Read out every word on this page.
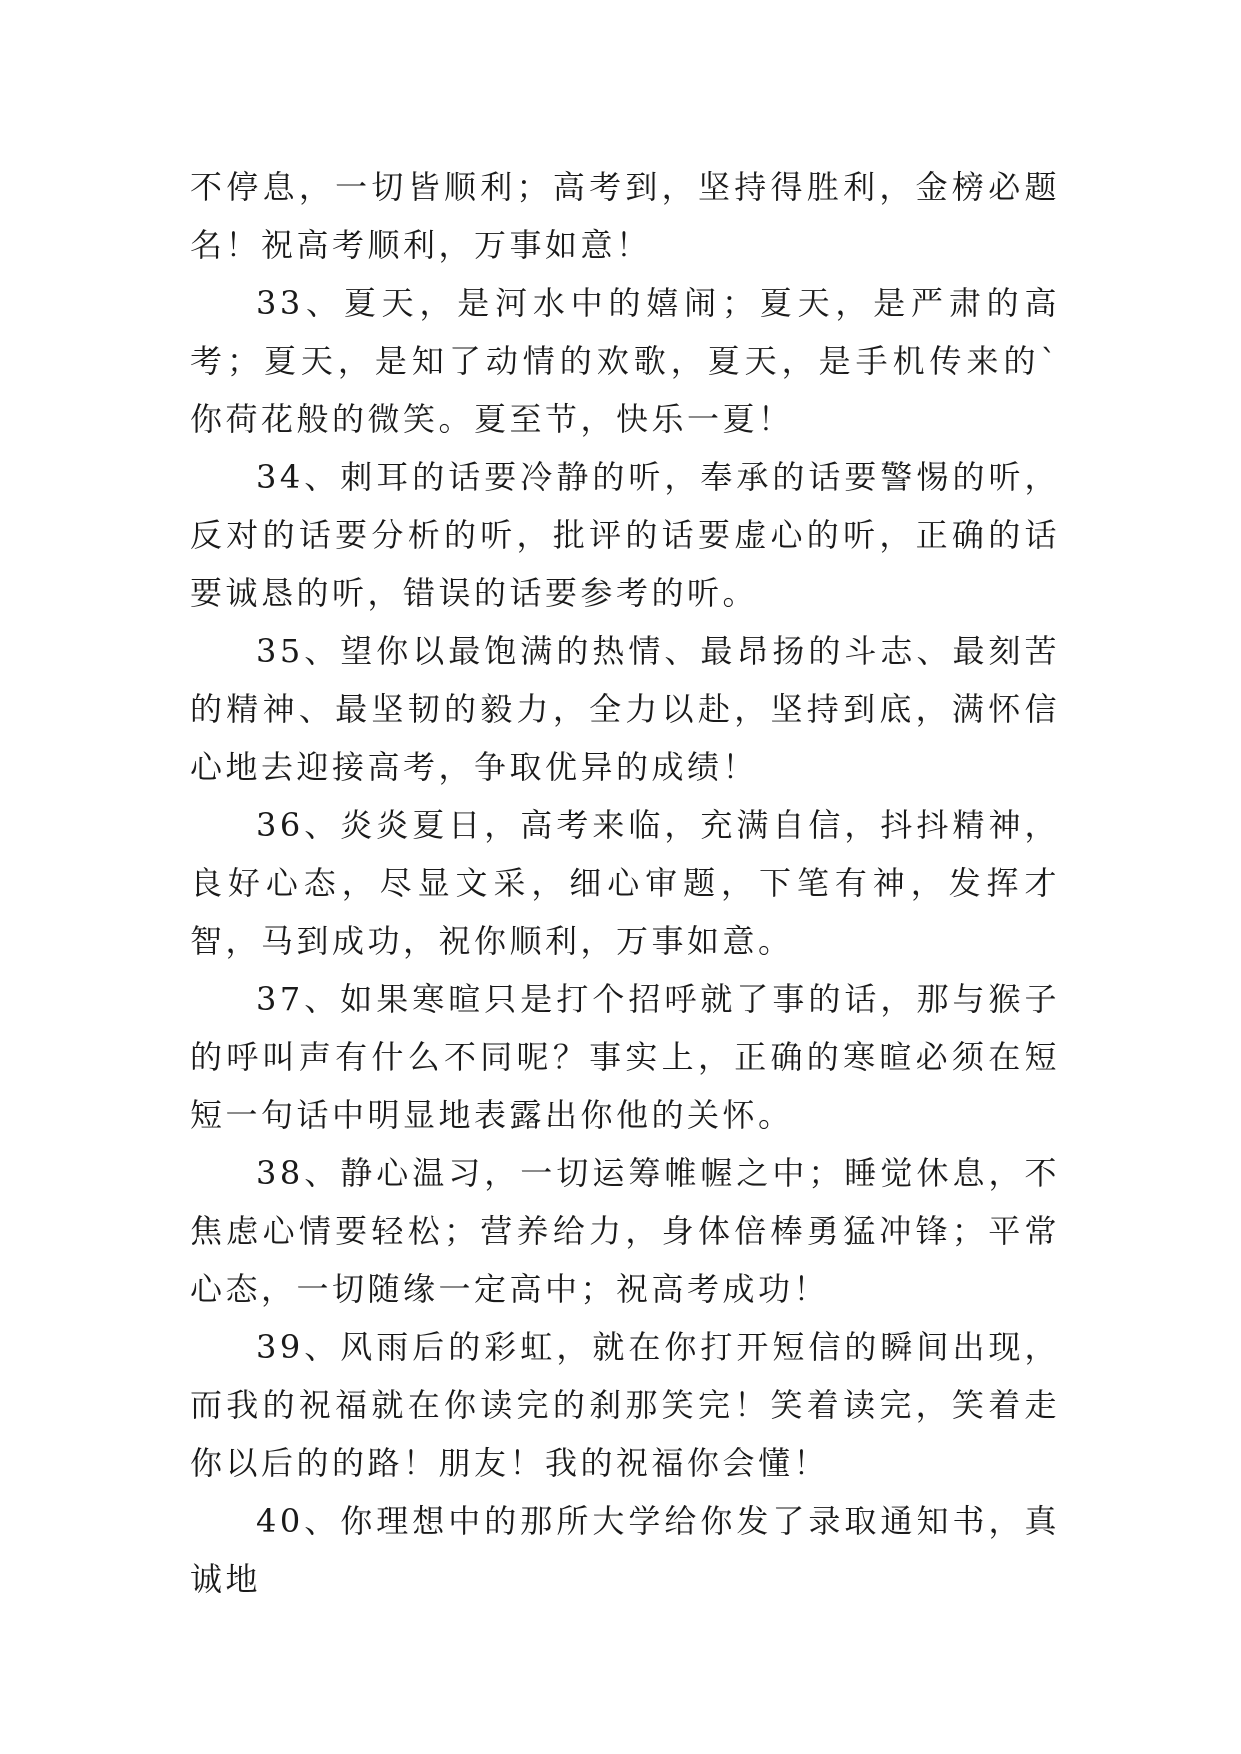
不停息，一切皆顺利；高考到，坚持得胜利，金榜必题名！祝高考顺利，万事如意！

33、夏天，是河水中的嬉闹；夏天，是严肃的高考；夏天，是知了动情的欢歌，夏天，是手机传来的`你荷花般的微笑。夏至节，快乐一夏！

34、刺耳的话要冷静的听，奉承的话要警惕的听，反对的话要分析的听，批评的话要虚心的听，正确的话要诚恳的听，错误的话要参考的听。

35、望你以最饱满的热情、最昂扬的斗志、最刻苦的精神、最坚韧的毅力，全力以赴，坚持到底，满怀信心地去迎接高考，争取优异的成绩！

36、炎炎夏日，高考来临，充满自信，抖抖精神，良好心态，尽显文采，细心审题，下笔有神，发挥才智，马到成功，祝你顺利，万事如意。

37、如果寒暄只是打个招呼就了事的话，那与猴子的呼叫声有什么不同呢？事实上，正确的寒暄必须在短短一句话中明显地表露出你他的关怀。

38、静心温习，一切运筹帷幄之中；睡觉休息，不焦虑心情要轻松；营养给力，身体倍棒勇猛冲锋；平常心态，一切随缘一定高中；祝高考成功！

39、风雨后的彩虹，就在你打开短信的瞬间出现，而我的祝福就在你读完的刹那笑完！笑着读完，笑着走你以后的的路！朋友！我的祝福你会懂！

40、你理想中的那所大学给你发了录取通知书，真诚地
